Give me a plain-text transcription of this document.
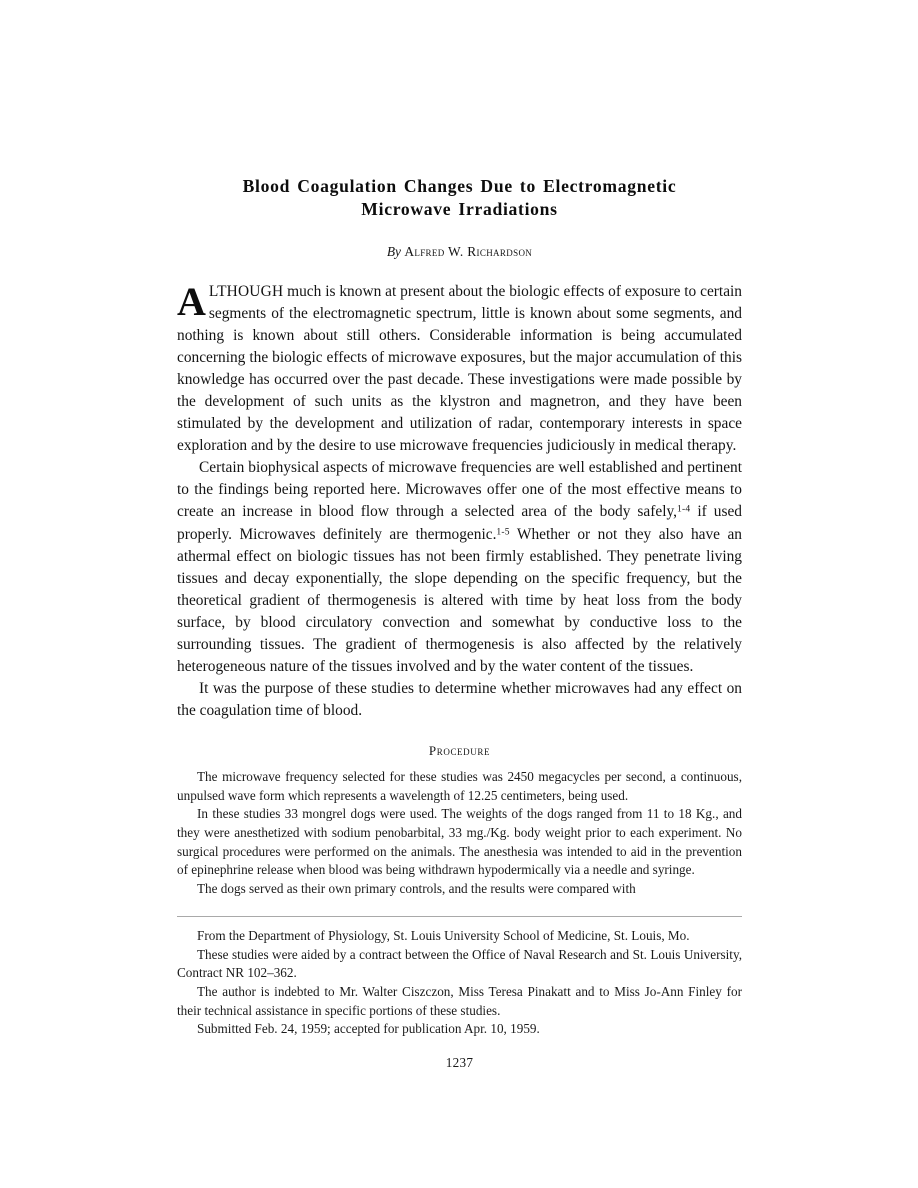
Blood Coagulation Changes Due to Electromagnetic
Microwave Irradiations
By Alfred W. Richardson

ALTHOUGH much is known at present about the biologic effects of exposure to certain segments of the electromagnetic spectrum, little is known about some segments, and nothing is known about still others. Considerable information is being accumulated concerning the biologic effects of microwave exposures, but the major accumulation of this knowledge has occurred over the past decade. These investigations were made possible by the development of such units as the klystron and magnetron, and they have been stimulated by the development and utilization of radar, contemporary interests in space exploration and by the desire to use microwave frequencies judiciously in medical therapy.

Certain biophysical aspects of microwave frequencies are well established and pertinent to the findings being reported here. Microwaves offer one of the most effective means to create an increase in blood flow through a selected area of the body safely,$^{1-4}$ if used properly. Microwaves definitely are thermogenic.$^{1-5}$ Whether or not they also have an athermal effect on biologic tissues has not been firmly established. They penetrate living tissues and decay exponentially, the slope depending on the specific frequency, but the theoretical gradient of thermogenesis is altered with time by heat loss from the body surface, by blood circulatory convection and somewhat by conductive loss to the surrounding tissues. The gradient of thermogenesis is also affected by the relatively heterogeneous nature of the tissues involved and by the water content of the tissues.

It was the purpose of these studies to determine whether microwaves had any effect on the coagulation time of blood.

Procedure

The microwave frequency selected for these studies was 2450 megacycles per second, a continuous, unpulsed wave form which represents a wavelength of 12.25 centimeters, being used.

In these studies 33 mongrel dogs were used. The weights of the dogs ranged from 11 to 18 Kg., and they were anesthetized with sodium penobarbital, 33 mg./Kg. body weight prior to each experiment. No surgical procedures were performed on the animals. The anesthesia was intended to aid in the prevention of epinephrine release when blood was being withdrawn hypodermically via a needle and syringe.

The dogs served as their own primary controls, and the results were compared with

From the Department of Physiology, St. Louis University School of Medicine, St. Louis, Mo.

These studies were aided by a contract between the Office of Naval Research and St. Louis University, Contract NR 102–362.

The author is indebted to Mr. Walter Ciszczon, Miss Teresa Pinakatt and to Miss Jo-Ann Finley for their technical assistance in specific portions of these studies.

Submitted Feb. 24, 1959; accepted for publication Apr. 10, 1959.

1237
